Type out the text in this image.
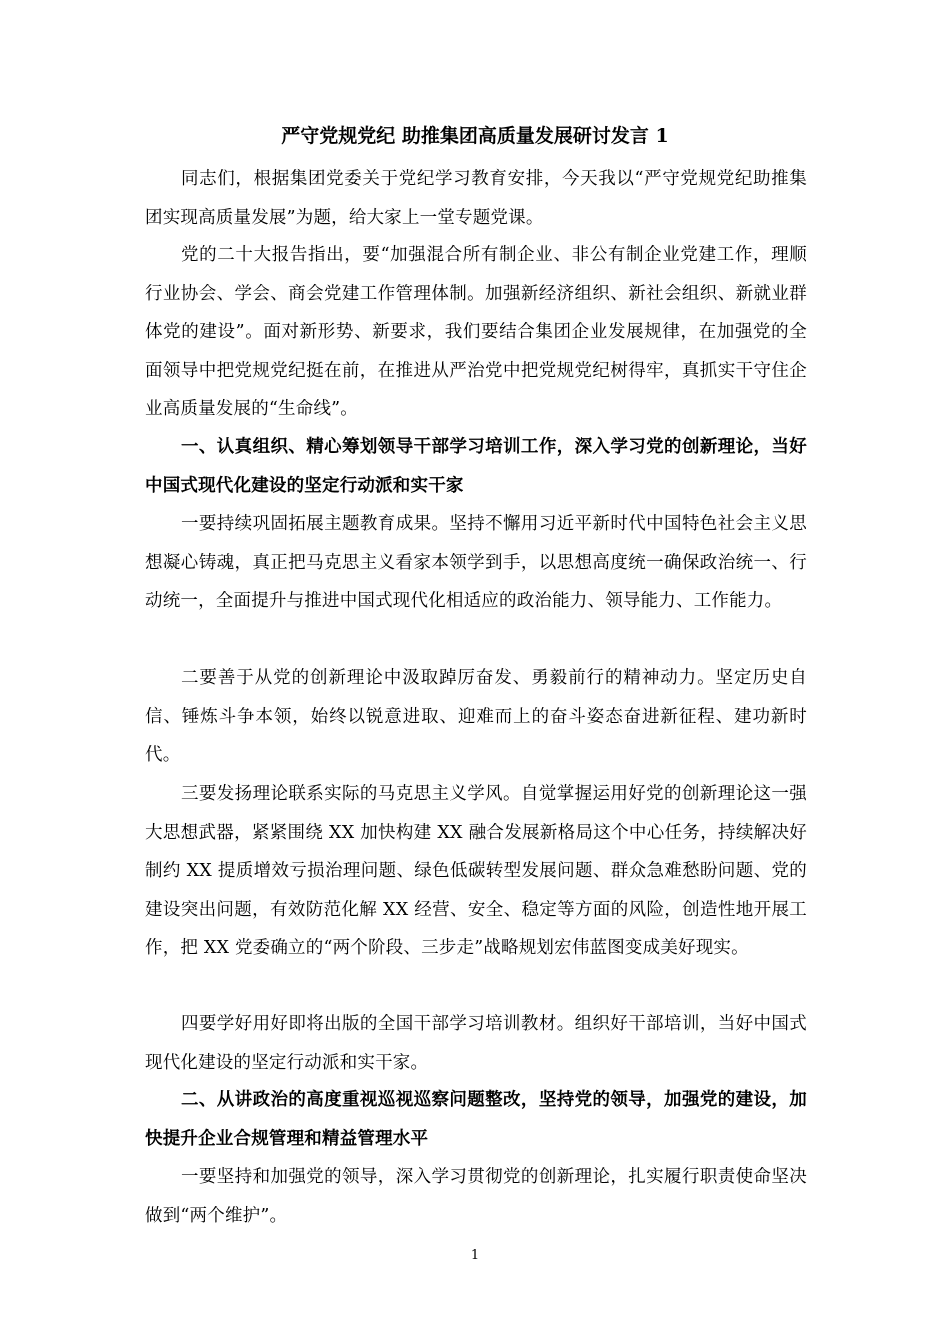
严守党规党纪 助推集团高质量发展研讨发言 1

同志们，根据集团党委关于党纪学习教育安排，今天我以“严守党规党纪助推集团实现高质量发展”为题，给大家上一堂专题党课。

党的二十大报告指出，要“加强混合所有制企业、非公有制企业党建工作，理顺行业协会、学会、商会党建工作管理体制。加强新经济组织、新社会组织、新就业群体党的建设”。面对新形势、新要求，我们要结合集团企业发展规律，在加强党的全面领导中把党规党纪挺在前，在推进从严治党中把党规党纪树得牢，真抓实干守住企业高质量发展的“生命线”。

一、认真组织、精心筹划领导干部学习培训工作，深入学习党的创新理论，当好中国式现代化建设的坚定行动派和实干家

一要持续巩固拓展主题教育成果。坚持不懈用习近平新时代中国特色社会主义思想凝心铸魂，真正把马克思主义看家本领学到手，以思想高度统一确保政治统一、行动统一，全面提升与推进中国式现代化相适应的政治能力、领导能力、工作能力。

二要善于从党的创新理论中汲取踔厉奋发、勇毅前行的精神动力。坚定历史自信、锤炼斗争本领，始终以锐意进取、迎难而上的奋斗姿态奋进新征程、建功新时代。

三要发扬理论联系实际的马克思主义学风。自觉掌握运用好党的创新理论这一强大思想武器，紧紧围绕 XX 加快构建 XX 融合发展新格局这个中心任务，持续解决好制约 XX 提质增效亏损治理问题、绿色低碳转型发展问题、群众急难愁盼问题、党的建设突出问题，有效防范化解 XX 经营、安全、稳定等方面的风险，创造性地开展工作，把 XX 党委确立的“两个阶段、三步走”战略规划宏伟蓝图变成美好现实。

四要学好用好即将出版的全国干部学习培训教材。组织好干部培训，当好中国式现代化建设的坚定行动派和实干家。

二、从讲政治的高度重视巡视巡察问题整改，坚持党的领导，加强党的建设，加快提升企业合规管理和精益管理水平

一要坚持和加强党的领导，深入学习贯彻党的创新理论，扎实履行职责使命坚决做到“两个维护”。

1
